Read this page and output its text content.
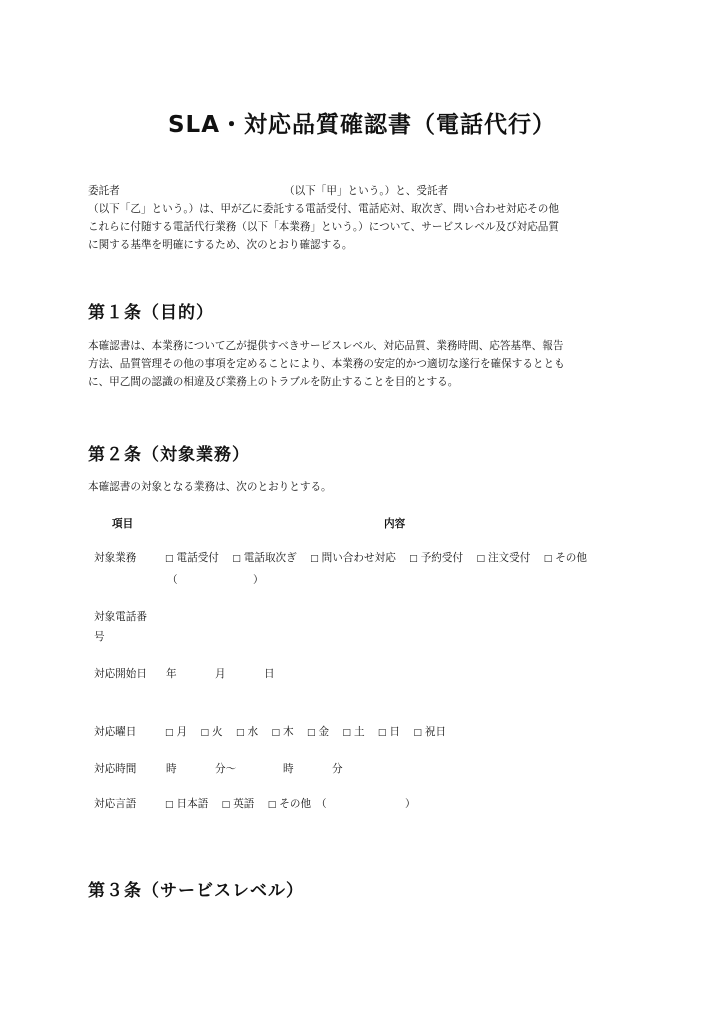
SLA・対応品質確認書（電話代行）
委託者	（以下「甲」という。）と、受託者
（以下「乙」という。）は、甲が乙に委託する電話受付、電話応対、取次ぎ、問い合わせ対応その他
これらに付随する電話代行業務（以下「本業務」という。）について、サービスレベル及び対応品質
に関する基準を明確にするため、次のとおり確認する。
第１条（目的）
本確認書は、本業務について乙が提供すべきサービスレベル、対応品質、業務時間、応答基準、報告
方法、品質管理その他の事項を定めることにより、本業務の安定的かつ適切な遂行を確保するととも
に、甲乙間の認識の相違及び業務上のトラブルを防止することを目的とする。
第２条（対象業務）
本確認書の対象となる業務は、次のとおりとする。
項目	内容
対象業務	□ 電話受付 □ 電話取次ぎ □ 問い合わせ対応 □ 予約受付 □ 注文受付 □ その他
（	）
対象電話番号
対応開始日	年	月	日
対応曜日	□ 月 □ 火 □ 水 □ 木 □ 金 □ 土 □ 日 □ 祝日
対応時間	時	分～	時	分
対応言語	□ 日本語 □ 英語 □ その他 （	）
第３条（サービスレベル）
